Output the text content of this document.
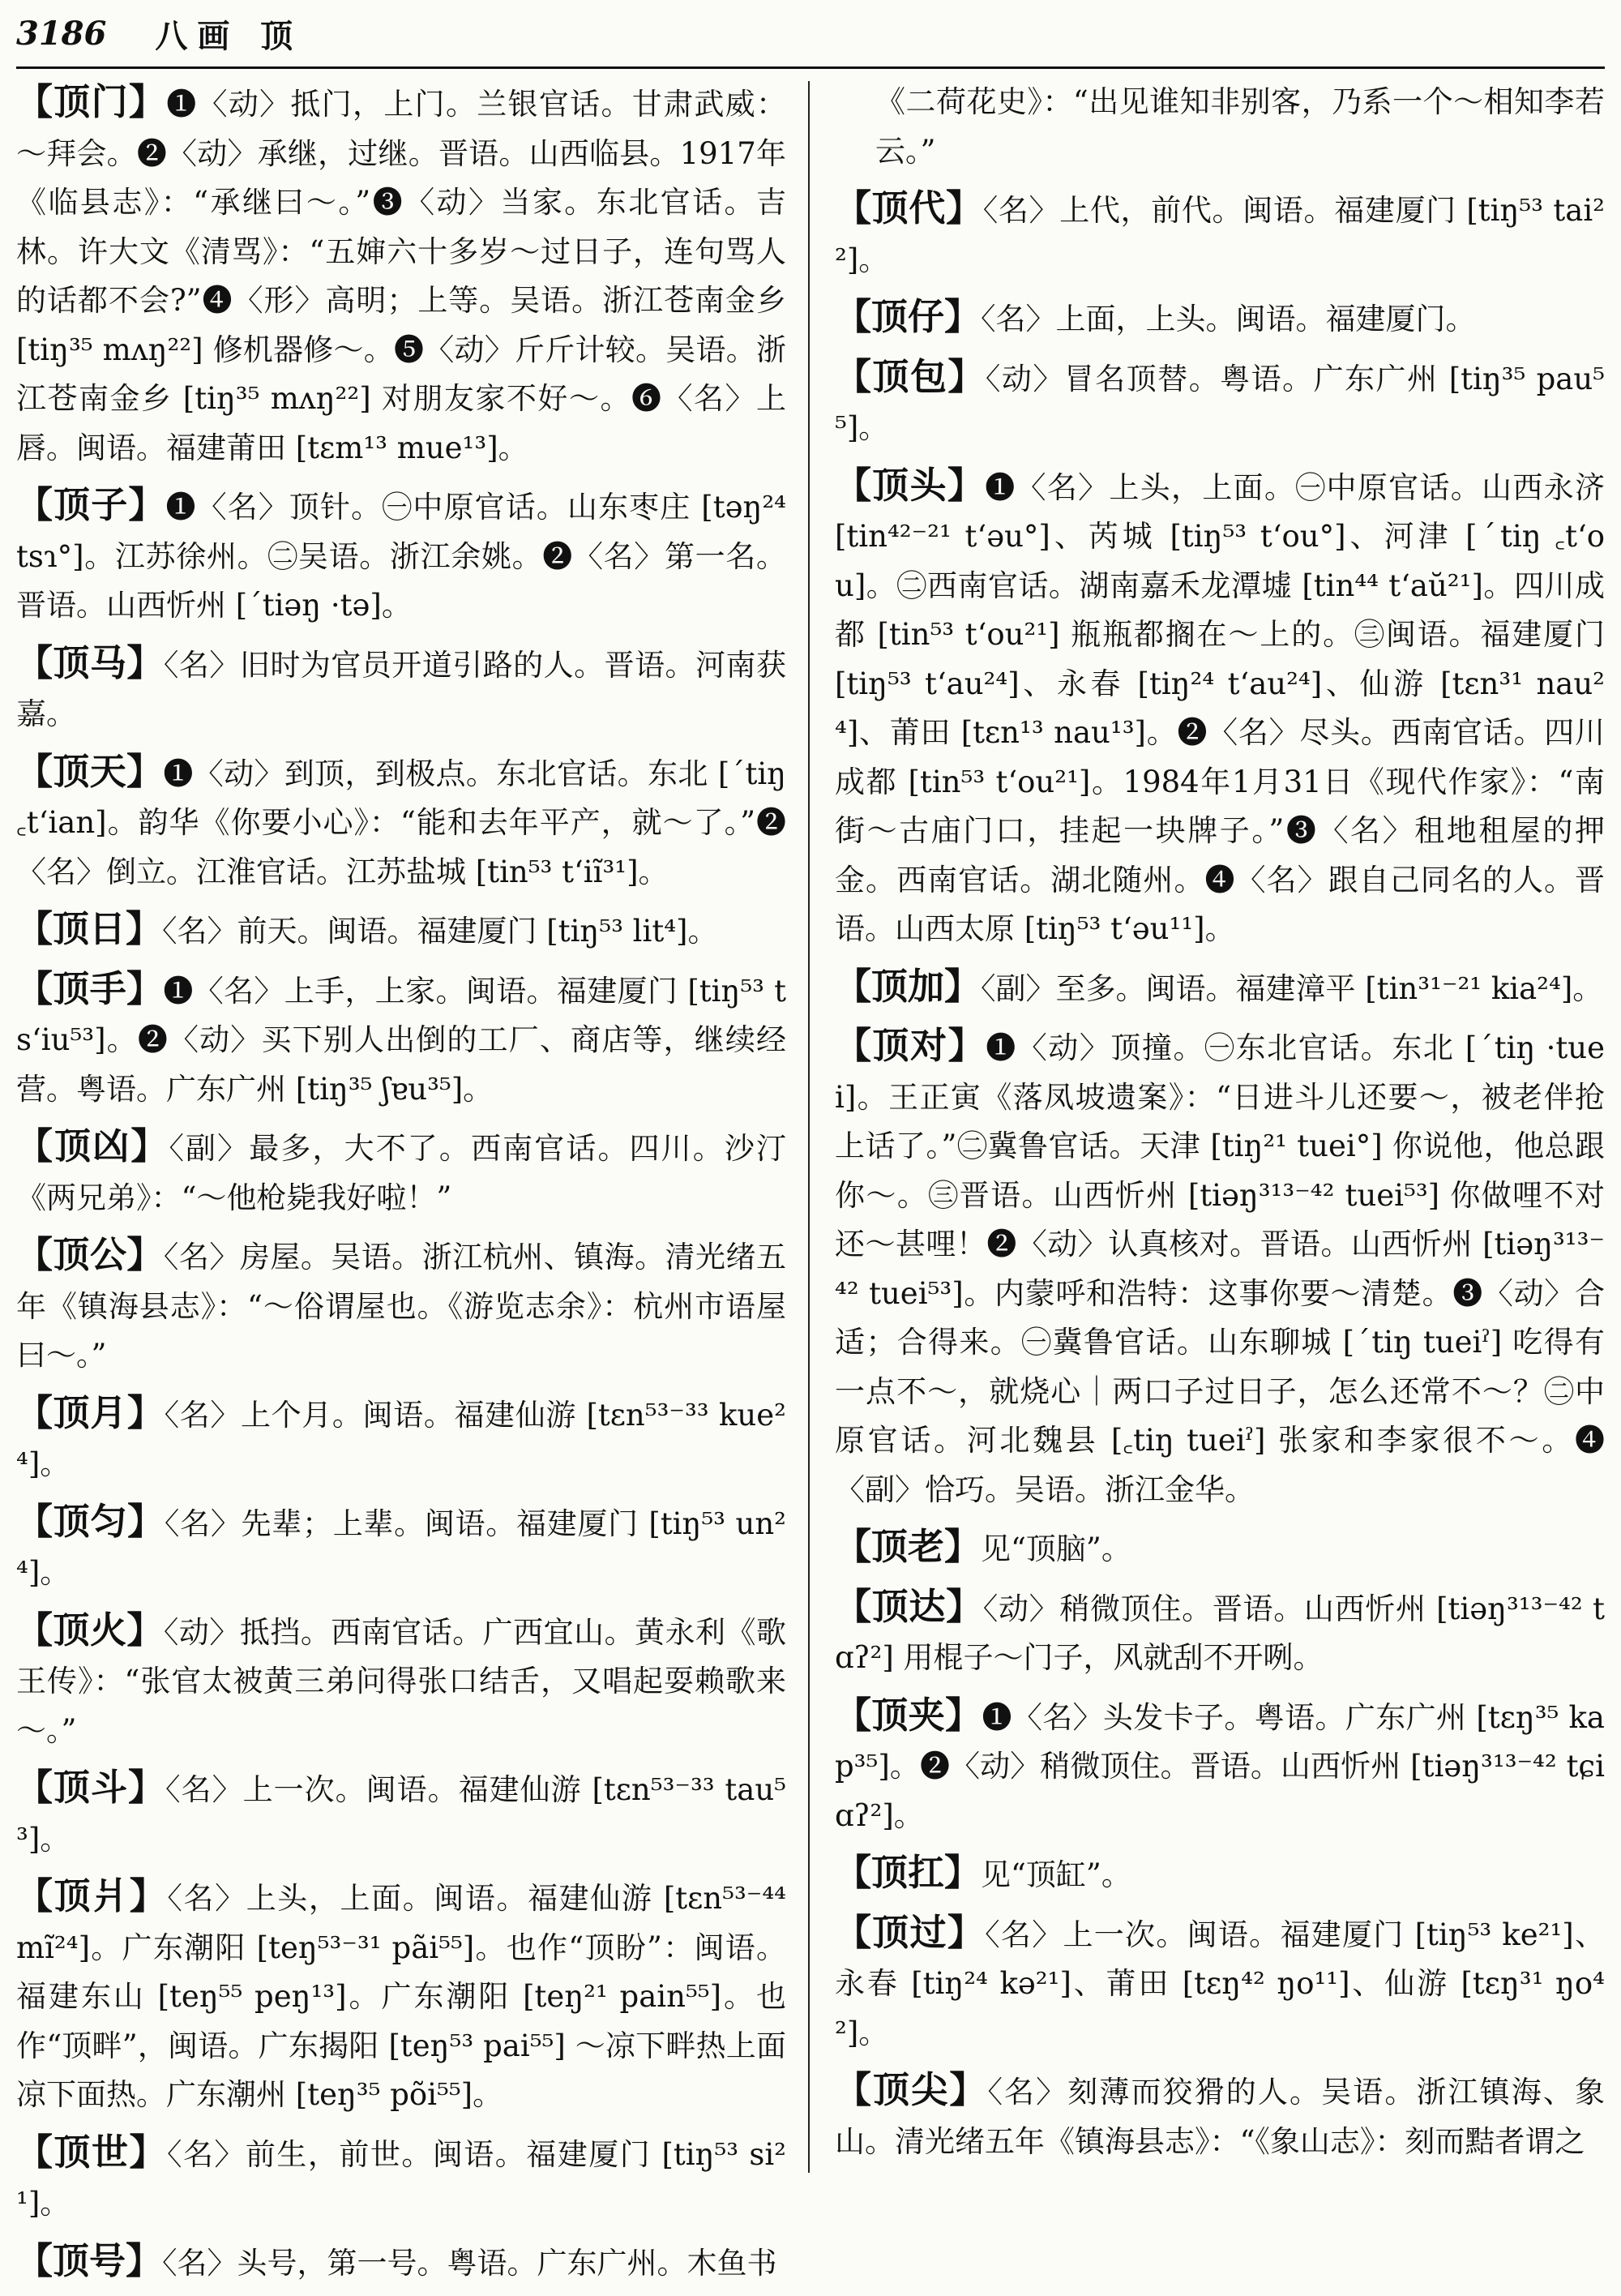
3186 八画 顶

【顶门】❶〈动〉抵门，上门。兰银官话。甘肃武威：～拜会。❷〈动〉承继，过继。晋语。山西临县。1917年《临县志》：“承继曰～。”❸〈动〉当家。东北官话。吉林。许大文《清骂》：“五婶六十多岁～过日子，连句骂人的话都不会?”❹〈形〉高明；上等。吴语。浙江苍南金乡 [tiŋ³⁵ mʌŋ²²] 修机器修～。❺〈动〉斤斤计较。吴语。浙江苍南金乡 [tiŋ³⁵ mʌŋ²²] 对朋友家不好～。❻〈名〉上唇。闽语。福建莆田 [tɛm¹³ mue¹³]。

【顶子】❶〈名〉顶针。㊀中原官话。山东枣庄 [təŋ²⁴ tsɿ°]。江苏徐州。㊁吴语。浙江余姚。❷〈名〉第一名。晋语。山西忻州 [ˊtiəŋ ·tə]。

【顶马】〈名〉旧时为官员开道引路的人。晋语。河南获嘉。

【顶天】❶〈动〉到顶，到极点。东北官话。东北 [ˊtiŋ ꜀tʻian]。韵华《你要小心》：“能和去年平产，就～了。”❷〈名〉倒立。江淮官话。江苏盐城 [tin⁵³ tʻiĩ³¹]。

【顶日】〈名〉前天。闽语。福建厦门 [tiŋ⁵³ lit⁴]。

【顶手】❶〈名〉上手，上家。闽语。福建厦门 [tiŋ⁵³ tsʻiu⁵³]。❷〈动〉买下别人出倒的工厂、商店等，继续经营。粤语。广东广州 [tiŋ³⁵ ʃɐu³⁵]。

【顶凶】〈副〉最多，大不了。西南官话。四川。沙汀《两兄弟》：“～他枪毙我好啦！”

【顶公】〈名〉房屋。吴语。浙江杭州、镇海。清光绪五年《镇海县志》：“～俗谓屋也。《游览志余》：杭州市语屋曰～。”

【顶月】〈名〉上个月。闽语。福建仙游 [tɛn⁵³⁻³³ kue²⁴]。

【顶匀】〈名〉先辈；上辈。闽语。福建厦门 [tiŋ⁵³ un²⁴]。

【顶火】〈动〉抵挡。西南官话。广西宜山。黄永利《歌王传》：“张官太被黄三弟问得张口结舌，又唱起耍赖歌来～。”

【顶斗】〈名〉上一次。闽语。福建仙游 [tɛn⁵³⁻³³ tau⁵³]。

【顶爿】〈名〉上头，上面。闽语。福建仙游 [tɛn⁵³⁻⁴⁴ mĩ²⁴]。广东潮阳 [teŋ⁵³⁻³¹ pãi⁵⁵]。也作“顶盼”：闽语。福建东山 [teŋ⁵⁵ peŋ¹³]。广东潮阳 [teŋ²¹ pain⁵⁵]。也作“顶畔”，闽语。广东揭阳 [teŋ⁵³ pai⁵⁵] ～凉下畔热上面凉下面热。广东潮州 [teŋ³⁵ põi⁵⁵]。

【顶世】〈名〉前生，前世。闽语。福建厦门 [tiŋ⁵³ si²¹]。

【顶号】〈名〉头号，第一号。粤语。广东广州。木鱼书

《二荷花史》：“出见谁知非别客，乃系一个～相知李若云。”

【顶代】〈名〉上代，前代。闽语。福建厦门 [tiŋ⁵³ tai²²]。

【顶仔】〈名〉上面，上头。闽语。福建厦门。

【顶包】〈动〉冒名顶替。粤语。广东广州 [tiŋ³⁵ pau⁵⁵]。

【顶头】❶〈名〉上头，上面。㊀中原官话。山西永济 [tin⁴²⁻²¹ tʻəu°]、芮城 [tiŋ⁵³ tʻou°]、河津 [ˊtiŋ ꜀tʻou]。㊁西南官话。湖南嘉禾龙潭墟 [tin⁴⁴ tʻaŭ²¹]。四川成都 [tin⁵³ tʻou²¹] 瓶瓶都搁在～上的。㊂闽语。福建厦门 [tiŋ⁵³ tʻau²⁴]、永春 [tiŋ²⁴ tʻau²⁴]、仙游 [tɛn³¹ nau²⁴]、莆田 [tɛn¹³ nau¹³]。❷〈名〉尽头。西南官话。四川成都 [tin⁵³ tʻou²¹]。1984年1月31日《现代作家》：“南街～古庙门口，挂起一块牌子。”❸〈名〉租地租屋的押金。西南官话。湖北随州。❹〈名〉跟自己同名的人。晋语。山西太原 [tiŋ⁵³ tʻəu¹¹]。

【顶加】〈副〉至多。闽语。福建漳平 [tin³¹⁻²¹ kia²⁴]。

【顶对】❶〈动〉顶撞。㊀东北官话。东北 [ˊtiŋ ·tuei]。王正寅《落凤坡遗案》：“日进斗儿还要～，被老伴抢上话了。”㊁冀鲁官话。天津 [tiŋ²¹ tuei°] 你说他，他总跟你～。㊂晋语。山西忻州 [tiəŋ³¹³⁻⁴² tuei⁵³] 你做哩不对还～甚哩！❷〈动〉认真核对。晋语。山西忻州 [tiəŋ³¹³⁻⁴² tuei⁵³]。内蒙呼和浩特：这事你要～清楚。❸〈动〉合适；合得来。㊀冀鲁官话。山东聊城 [ˊtiŋ tueiˀ] 吃得有一点不～，就烧心｜两口子过日子，怎么还常不～？㊁中原官话。河北魏县 [꜀tiŋ tueiˀ] 张家和李家很不～。❹〈副〉恰巧。吴语。浙江金华。

【顶老】见“顶脑”。

【顶达】〈动〉稍微顶住。晋语。山西忻州 [tiəŋ³¹³⁻⁴² tɑʔ²] 用棍子～门子，风就刮不开咧。

【顶夹】❶〈名〉头发卡子。粤语。广东广州 [tɛŋ³⁵ kap³⁵]。❷〈动〉稍微顶住。晋语。山西忻州 [tiəŋ³¹³⁻⁴² tɕiɑʔ²]。

【顶扛】见“顶缸”。

【顶过】〈名〉上一次。闽语。福建厦门 [tiŋ⁵³ ke²¹]、永春 [tiŋ²⁴ kə²¹]、莆田 [tɛŋ⁴² ŋo¹¹]、仙游 [tɛŋ³¹ ŋo⁴²]。

【顶尖】〈名〉刻薄而狡猾的人。吴语。浙江镇海、象山。清光绪五年《镇海县志》：“《象山志》：刻而黠者谓之
